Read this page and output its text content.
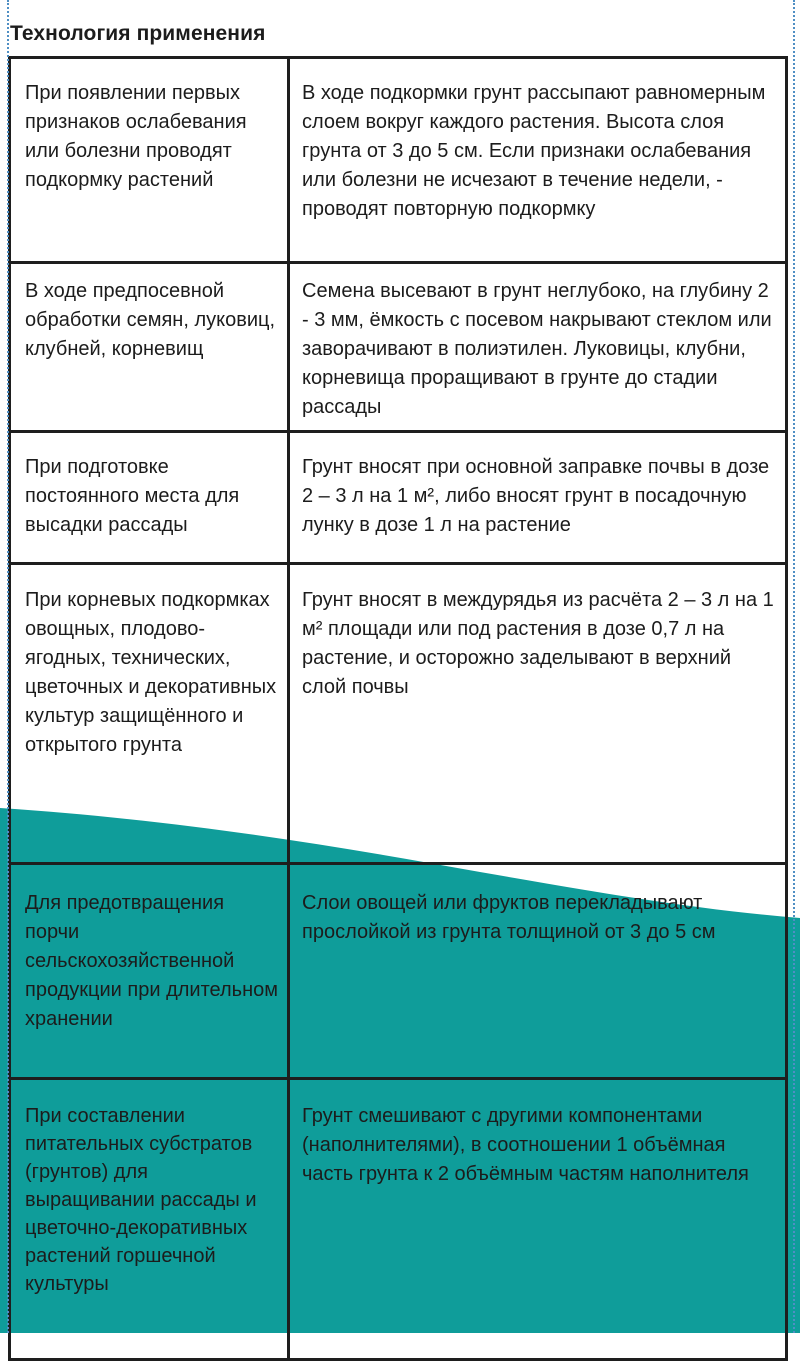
Технология применения
При появлении первых признаков ослабевания или болезни проводят подкормку растений	В ходе подкормки грунт рассыпают равномерным слоем вокруг каждого растения. Высота слоя грунта от 3 до 5 см. Если признаки ослабевания или болезни не исчезают в течение недели, - проводят повторную подкормку
В ходе предпосевной обработки семян, луковиц, клубней, корневищ	Семена высевают в грунт неглубоко, на глубину 2 - 3 мм, ёмкость с посевом накрывают стеклом или заворачивают в полиэтилен. Луковицы, клубни, корневища проращивают в грунте до стадии рассады
При подготовке постоянного места для высадки рассады	Грунт вносят при основной заправке почвы в дозе 2 – 3 л на 1 м², либо вносят грунт в посадочную лунку в дозе 1 л на растение
При корневых подкормках овощных, плодово-ягодных, технических, цветочных и декоративных культур защищённого и открытого грунта	Грунт вносят в междурядья из расчёта 2 – 3 л на 1 м² площади или под растения в дозе 0,7 л на растение, и осторожно заделывают в верхний слой почвы
Для предотвращения порчи сельскохозяйственной продукции при длительном хранении	Слои овощей или фруктов перекладывают прослойкой из грунта толщиной от 3 до 5 см
При составлении питательных субстратов (грунтов) для выращивании рассады и цветочно-декоративных растений горшечной культуры	Грунт смешивают с другими компонентами (наполнителями), в соотношении 1 объёмная часть грунта к 2 объёмным частям наполнителя
